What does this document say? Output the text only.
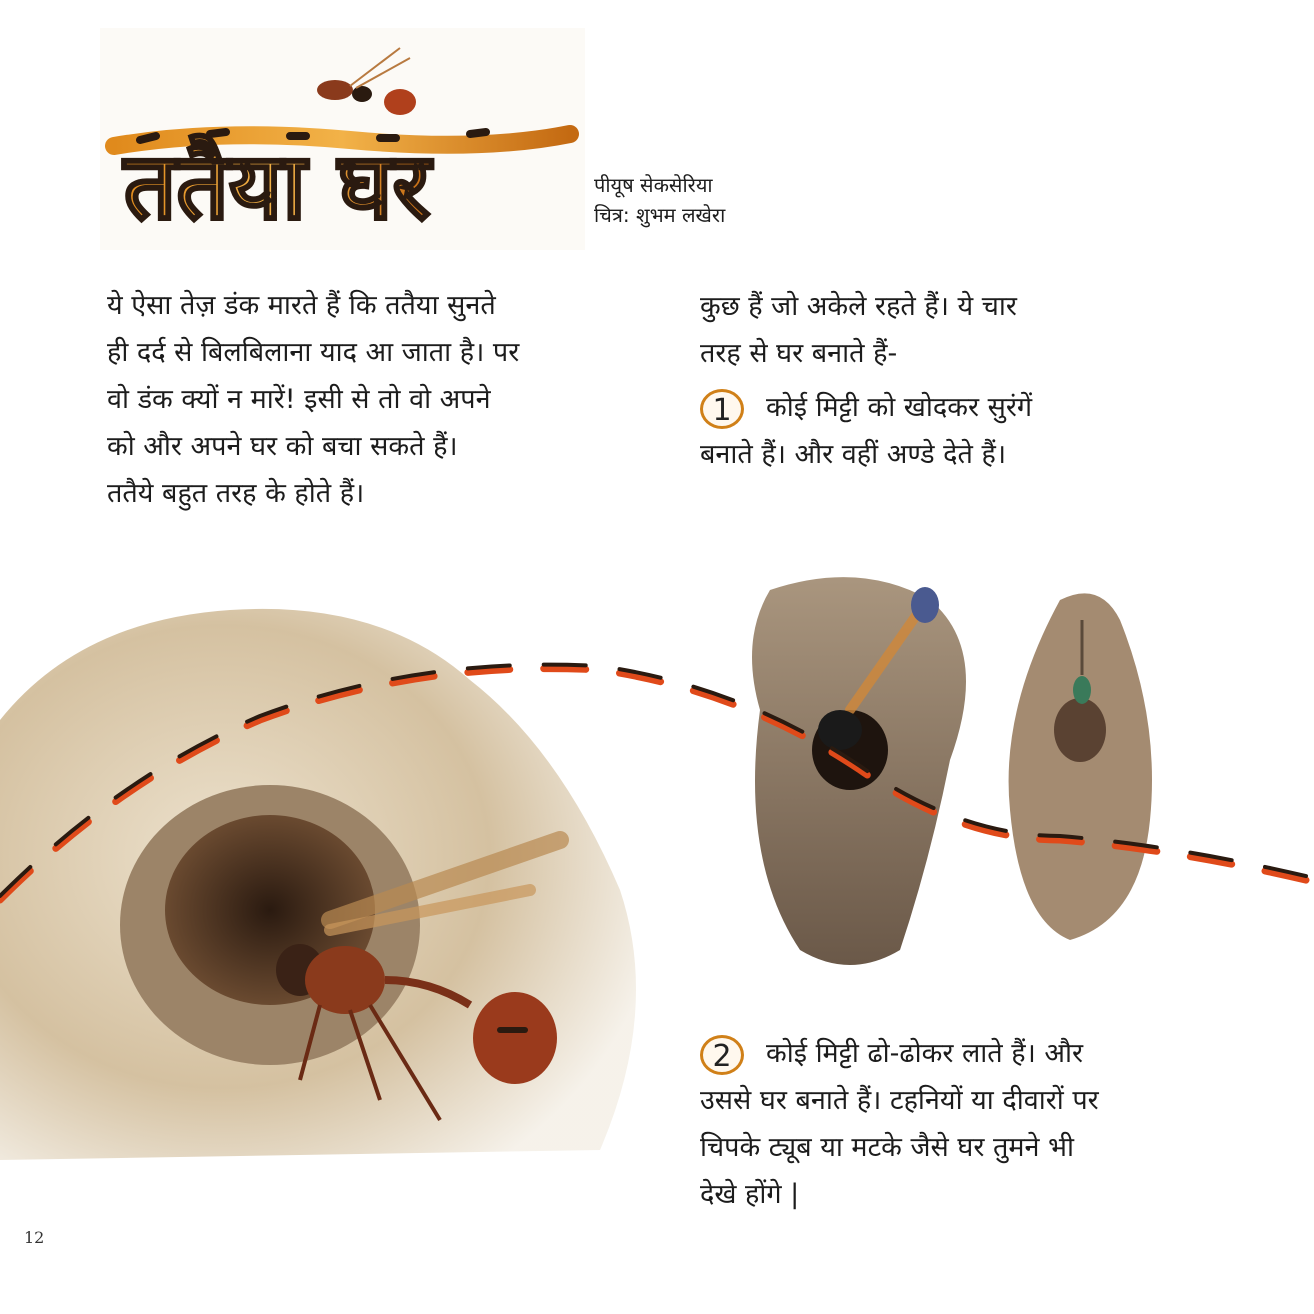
ततैया घर	पीयूष सेकसेरिया
चित्र: शुभम लखेरा
ये ऐसा तेज़ डंक मारते हैं कि ततैया सुनते
ही दर्द से बिलबिलाना याद आ जाता है। पर
वो डंक क्यों न मारें! इसी से तो वो अपने
को और अपने घर को बचा सकते हैं।
ततैये बहुत तरह के होते हैं।
कुछ हैं जो अकेले रहते हैं। ये चार
तरह से घर बनाते हैं-
1 कोई मिट्टी को खोदकर सुरंगें
बनाते हैं। और वहीं अण्डे देते हैं।
2 कोई मिट्टी ढो-ढोकर लाते हैं। और
उससे घर बनाते हैं। टहनियों या दीवारों पर
चिपके ट्यूब या मटके जैसे घर तुमने भी
देखे होंगे |
12
